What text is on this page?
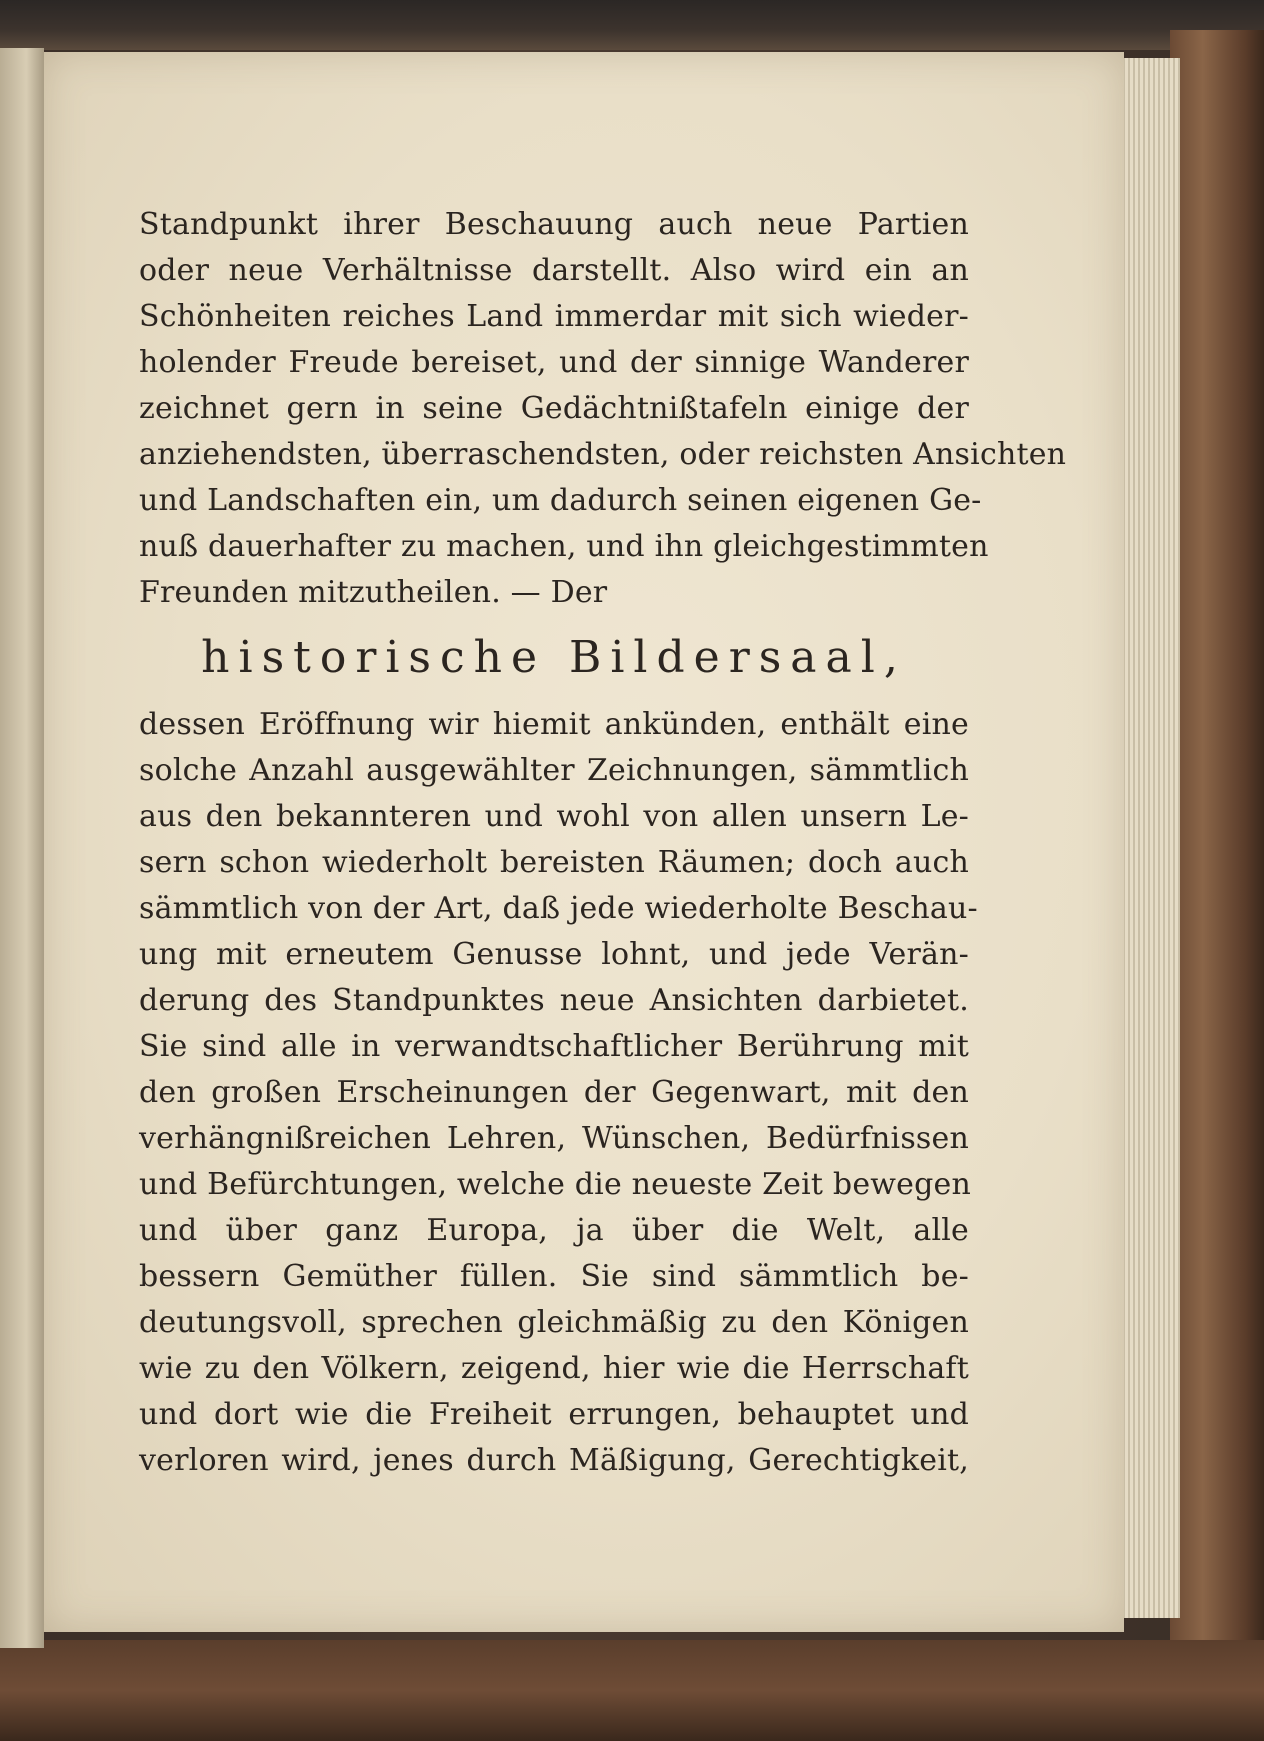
Standpunkt ihrer Beschauung auch neue Partien
oder neue Verhältnisse darstellt. Also wird ein an
Schönheiten reiches Land immerdar mit sich wieder-
holender Freude bereiset, und der sinnige Wanderer
zeichnet gern in seine Gedächtnißtafeln einige der
anziehendsten, überraschendsten, oder reichsten Ansichten
und Landschaften ein, um dadurch seinen eigenen Ge-
nuß dauerhafter zu machen, und ihn gleichgestimmten
Freunden mitzutheilen. — Der
historische Bildersaal,
dessen Eröffnung wir hiemit ankünden, enthält eine
solche Anzahl ausgewählter Zeichnungen, sämmtlich
aus den bekannteren und wohl von allen unsern Le-
sern schon wiederholt bereisten Räumen; doch auch
sämmtlich von der Art, daß jede wiederholte Beschau-
ung mit erneutem Genusse lohnt, und jede Verän-
derung des Standpunktes neue Ansichten darbietet.
Sie sind alle in verwandtschaftlicher Berührung mit
den großen Erscheinungen der Gegenwart, mit den
verhängnißreichen Lehren, Wünschen, Bedürfnissen
und Befürchtungen, welche die neueste Zeit bewegen
und über ganz Europa, ja über die Welt, alle
bessern Gemüther füllen. Sie sind sämmtlich be-
deutungsvoll, sprechen gleichmäßig zu den Königen
wie zu den Völkern, zeigend, hier wie die Herrschaft
und dort wie die Freiheit errungen, behauptet und
verloren wird, jenes durch Mäßigung, Gerechtigkeit,
